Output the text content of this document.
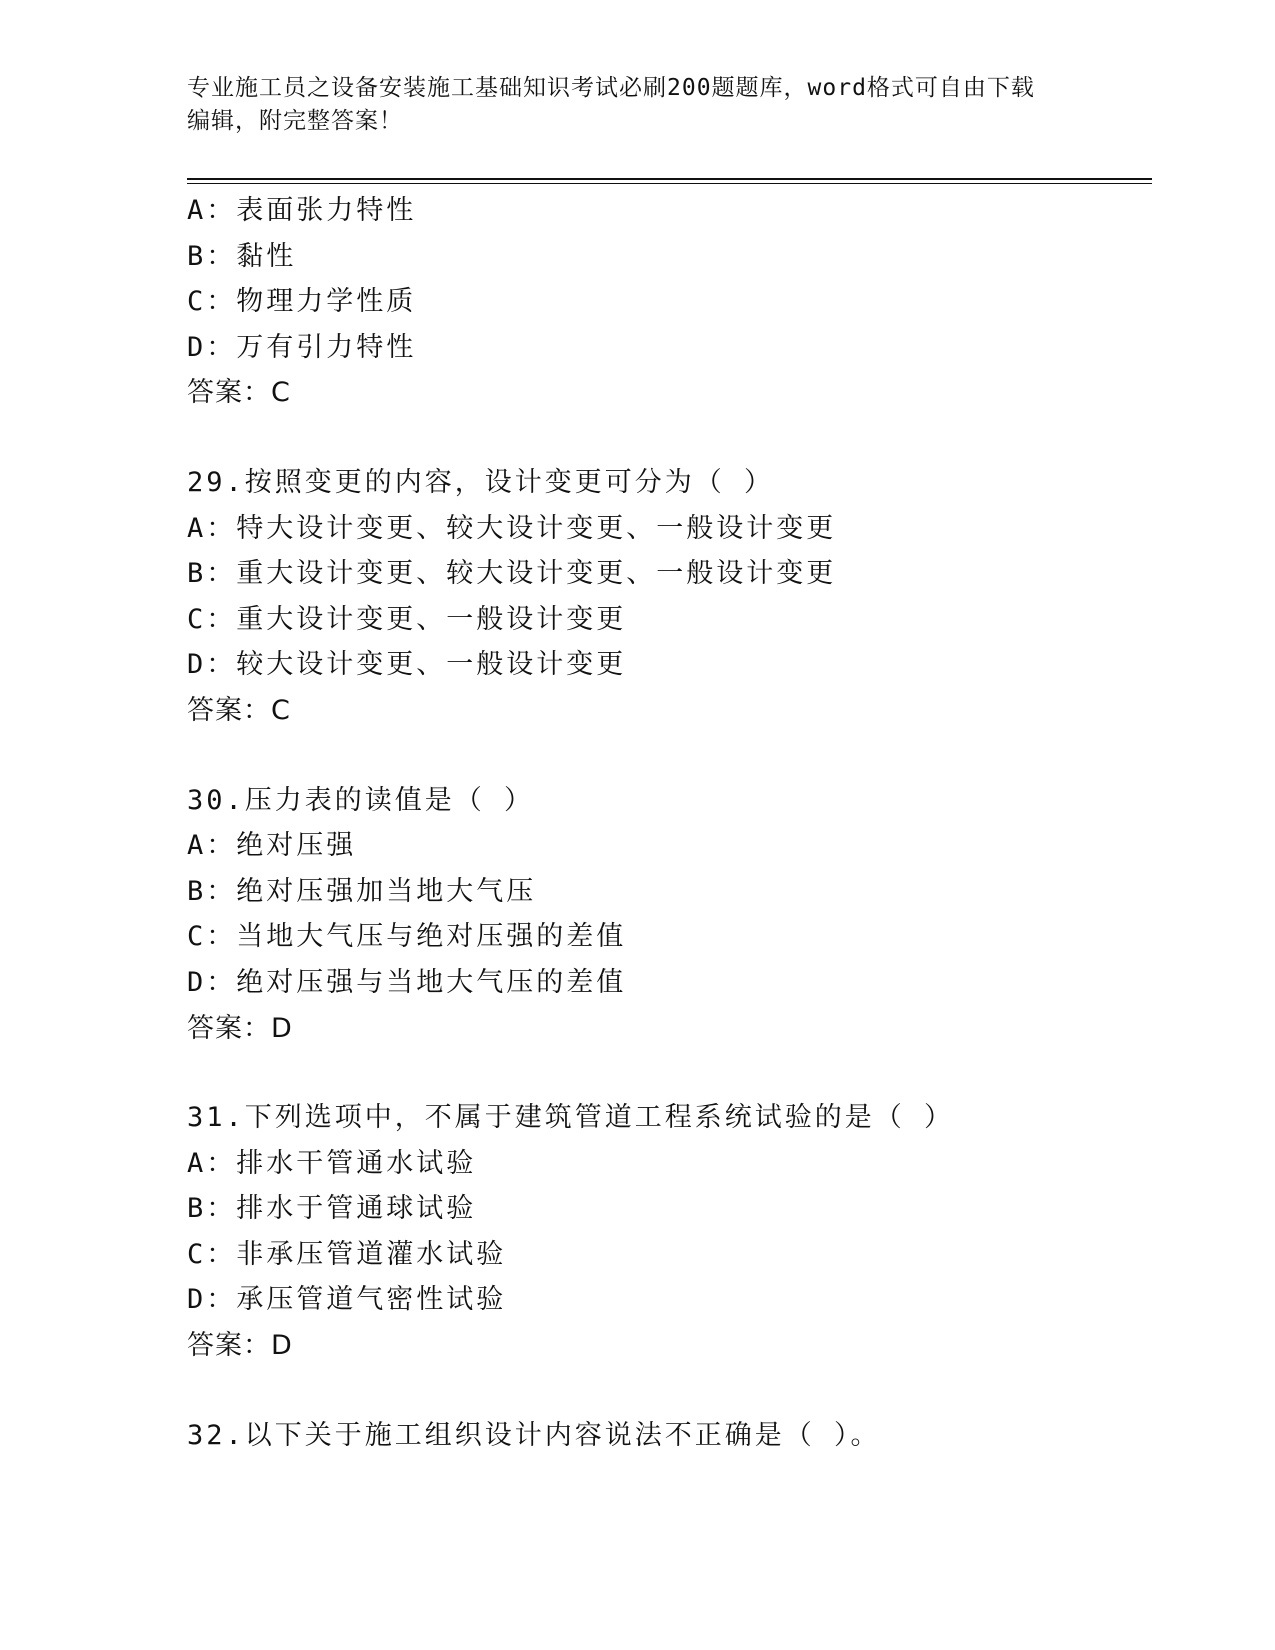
专业施工员之设备安装施工基础知识考试必刷200题题库，word格式可自由下载
编辑，附完整答案！
A：表面张力特性
B：黏性
C：物理力学性质
D：万有引力特性
答案：C
29.按照变更的内容，设计变更可分为（ ）
A：特大设计变更、较大设计变更、一般设计变更
B：重大设计变更、较大设计变更、一般设计变更
C：重大设计变更、一般设计变更
D：较大设计变更、一般设计变更
答案：C
30.压力表的读值是（ ）
A：绝对压强
B：绝对压强加当地大气压
C：当地大气压与绝对压强的差值
D：绝对压强与当地大气压的差值
答案：D
31.下列选项中，不属于建筑管道工程系统试验的是（ ）
A：排水干管通水试验
B：排水于管通球试验
C：非承压管道灌水试验
D：承压管道气密性试验
答案：D
32.以下关于施工组织设计内容说法不正确是（ ）。
